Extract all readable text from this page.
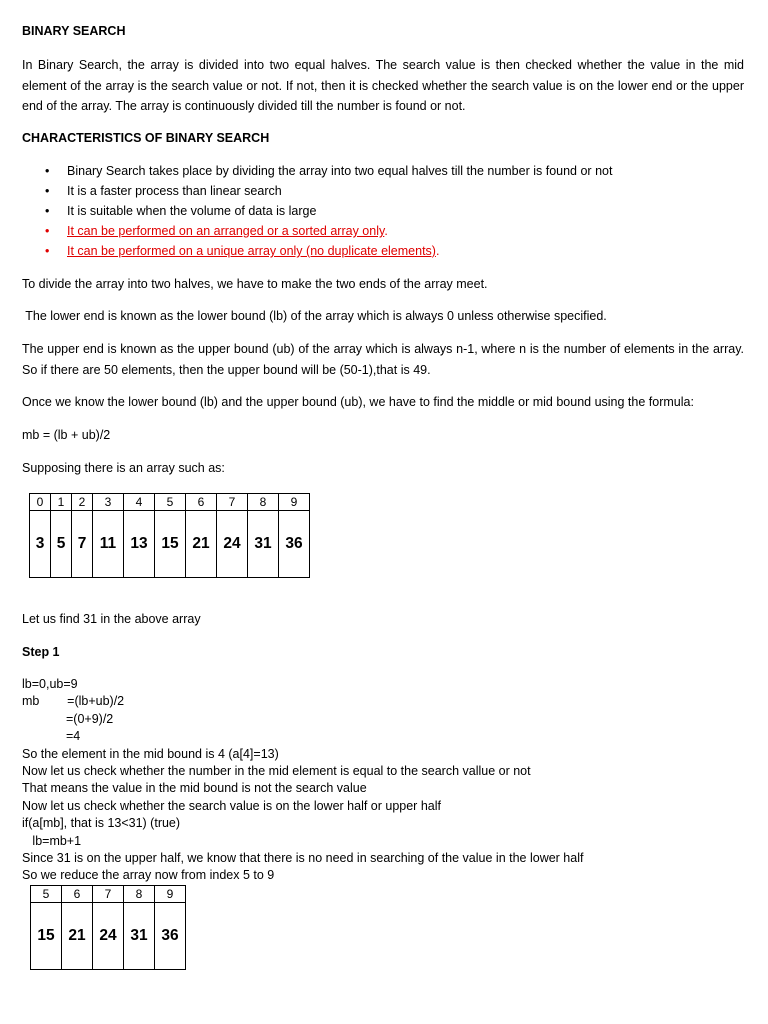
BINARY SEARCH
In Binary Search, the array is divided into two equal halves. The search value is then checked whether the value in the mid element of the array is the search value or not. If not, then it is checked whether the search value is on the lower end or the upper end of the array. The array is continuously divided till the number is found or not.
CHARACTERISTICS OF BINARY SEARCH
• Binary Search takes place by dividing the array into two equal halves till the number is found or not
• It is a faster process than linear search
• It is suitable when the volume of data is large
• It can be performed on an arranged or a sorted array only.
• It can be performed on a unique array only (no duplicate elements).
To divide the array into two halves, we have to make the two ends of the array meet.
The lower end is known as the lower bound (lb) of the array which is always 0 unless otherwise specified.
The upper end is known as the upper bound (ub) of the array which is always n-1, where n is the number of elements in the array. So if there are 50 elements, then the upper bound will be (50-1),that is 49.
Once we know the lower bound (lb) and the upper bound (ub), we have to find the middle or mid bound using the formula:
mb = (lb + ub)/2
Supposing there is an array such as:
0	1	2	3	4	5	6	7	8	9
3	5	7	11	13	15	21	24	31	36
Let us find 31 in the above array
Step 1
lb=0,ub=9
mb        =(lb+ub)/2
=(0+9)/2
=4
So the element in the mid bound is 4 (a[4]=13)
Now let us check whether the number in the mid element is equal to the search vallue or not
That means the value in the mid bound is not the search value
Now let us check whether the search value is on the lower half or upper half
if(a[mb], that is 13<31) (true)
lb=mb+1
Since 31 is on the upper half, we know that there is no need in searching of the value in the lower half
So we reduce the array now from index 5 to 9
5	6	7	8	9
15	21	24	31	36
